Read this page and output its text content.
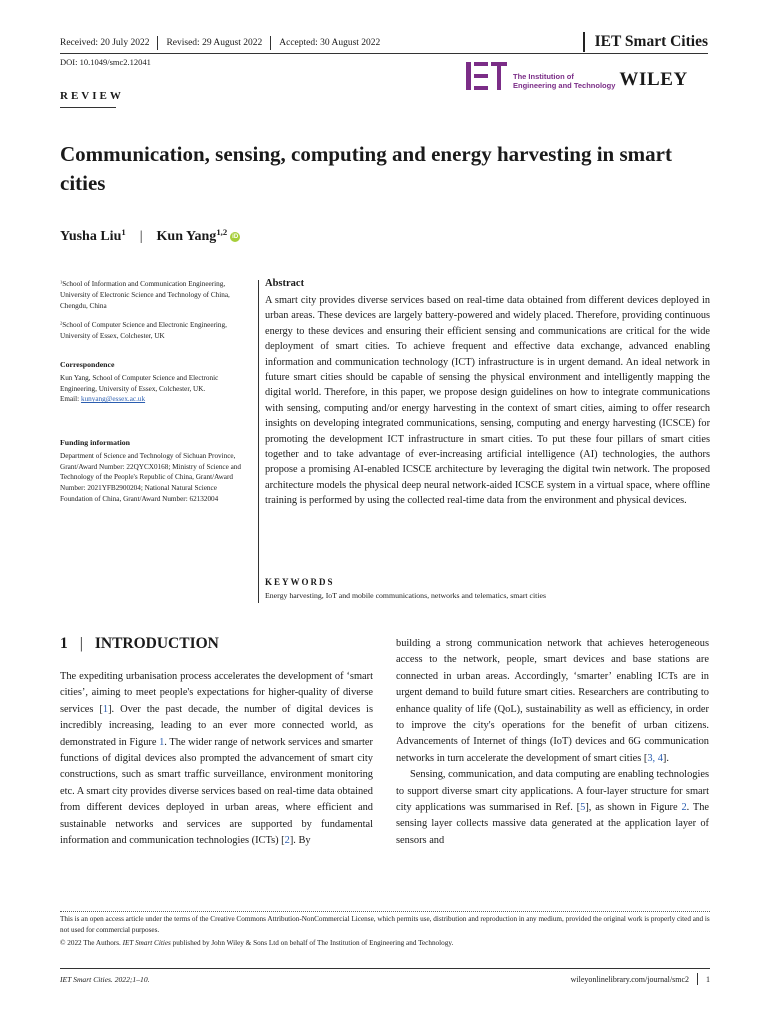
Received: 20 July 2022	Revised: 29 August 2022	Accepted: 30 August 2022	IET Smart Cities
DOI: 10.1049/smc2.12041
The Institution of
Engineering and Technology WILEY
REVIEW
Communication, sensing, computing and energy harvesting in smart cities
Yusha Liu$^1$ | Kun Yang$^{1,2}$ iD

$^1$School of Information and Communication Engineering, University of Electronic Science and Technology of China, Chengdu, China

$^2$School of Computer Science and Electronic Engineering, University of Essex, Colchester, UK

Correspondence

Kun Yang, School of Computer Science and Electronic Engineering, University of Essex, Colchester, UK.

Email: kunyang@essex.ac.uk

Funding information

Department of Science and Technology of Sichuan Province, Grant/Award Number: 22QYCX0168; Ministry of Science and Technology of the People's Republic of China, Grant/Award Number: 2021YFB2900204; National Natural Science Foundation of China, Grant/Award Number: 62132004

Abstract
A smart city provides diverse services based on real-time data obtained from different devices deployed in urban areas. These devices are largely battery-powered and widely placed. Therefore, providing continuous energy to these devices and ensuring their efficient sensing and communications are critical for the wide deployment of smart cities. To achieve frequent and effective data exchange, advanced enabling information and communication technology (ICT) infrastructure is in urgent demand. An ideal network in future smart cities should be capable of sensing the physical environment and intelligently mapping the digital world. Therefore, in this paper, we propose design guidelines on how to integrate communications with sensing, computing and/or energy harvesting in the context of smart cities, aiming to offer research insights on developing integrated communications, sensing, computing and energy harvesting (ICSCE) for promoting the development ICT infrastructure in smart cities. To put these four pillars of smart cities together and to take advantage of ever-increasing artificial intelligence (AI) technologies, the authors propose a promising AI-enabled ICSCE architecture by leveraging the digital twin network. The proposed architecture models the physical deep neural network-aided ICSCE system in a virtual space, where offline training is performed by using the collected real-time data from the environment and physical devices.
KEYWORDS
Energy harvesting, IoT and mobile communications, networks and telematics, smart cities
1 | INTRODUCTION

The expediting urbanisation process accelerates the development of ‘smart cities’, aiming to meet people's expectations for higher-quality of diverse services [1]. Over the past decade, the number of digital devices is incredibly increasing, leading to an ever more connected world, as demonstrated in Figure 1. The wider range of network services and smarter functions of digital devices also prompted the advancement of smart city constructions, such as smart traffic surveillance, environment monitoring etc. A smart city provides diverse services based on real-time data obtained from different devices deployed in urban areas, where efficient and sustainable networks and services are supported by fundamental information and communication technologies (ICTs) [2]. By

building a strong communication network that achieves heterogeneous access to the network, people, smart devices and base stations are connected in urban areas. Accordingly, ‘smarter’ enabling ICTs are in urgent demand to build future smart cities. Researchers are contributing to enhance quality of life (QoL), sustainability as well as efficiency, in order to improve the city's operations for the benefit of urban citizens. Advancements of Internet of things (IoT) devices and 6G communication networks in turn accelerate the development of smart cities [3, 4].

Sensing, communication, and data computing are enabling technologies to support diverse smart city applications. A four-layer structure for smart city applications was summarised in Ref. [5], as shown in Figure 2. The sensing layer collects massive data generated at the application layer of sensors and

This is an open access article under the terms of the Creative Commons Attribution-NonCommercial License, which permits use, distribution and reproduction in any medium, provided the original work is properly cited and is not used for commercial purposes.
© 2022 The Authors. IET Smart Cities published by John Wiley & Sons Ltd on behalf of The Institution of Engineering and Technology.
IET Smart Cities. 2022;1–10.	wileyonlinelibrary.com/journal/smc2 1
